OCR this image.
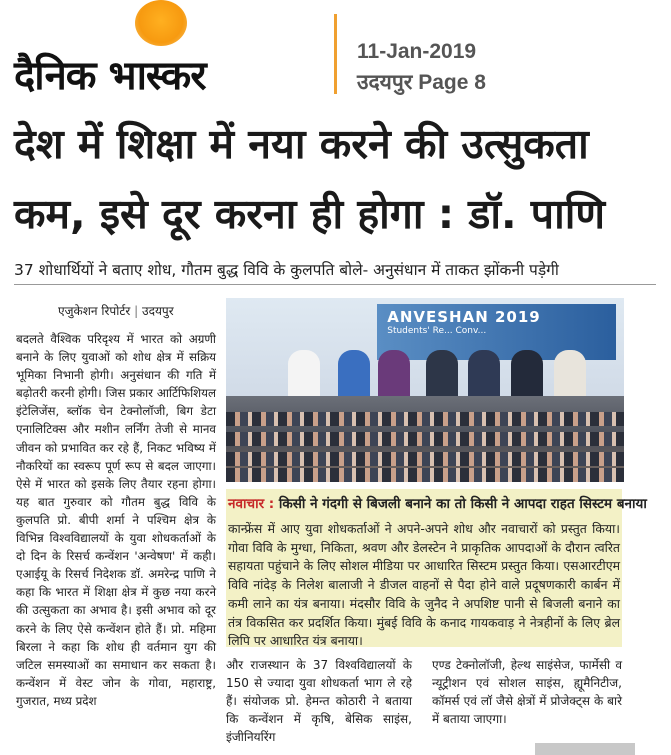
दैनिक भास्कर
11-Jan-2019
उदयपुर Page 8
देश में शिक्षा में नया करने की उत्सुकता
कम, इसे दूर करना ही होगा : डॉ. पाणि
37 शोधार्थियों ने बताए शोध, गौतम बुद्ध विवि के कुलपति बोले- अनुसंधान में ताकत झोंकनी पड़ेगी
एजुकेशन रिपोर्टर | उदयपुर

बदलते वैश्विक परिदृश्य में भारत को अग्रणी बनाने के लिए युवाओं को शोध क्षेत्र में सक्रिय भूमिका निभानी होगी। अनुसंधान की गति में बढ़ोतरी करनी होगी। जिस प्रकार आर्टिफिशियल इंटेलिजेंस, ब्लॉक चेन टेक्नोलॉजी, बिग डेटा एनालिटिक्स और मशीन लर्निंग तेजी से मानव जीवन को प्रभावित कर रहे हैं, निकट भविष्य में नौकरियों का स्वरूप पूर्ण रूप से बदल जाएगा। ऐसे में भारत को इसके लिए तैयार रहना होगा। यह बात गुरुवार को गौतम बुद्ध विवि के कुलपति प्रो. बीपी शर्मा ने पश्चिम क्षेत्र के विभिन्न विश्वविद्यालयों के युवा शोधकर्ताओं के दो दिन के रिसर्च कन्वेंशन 'अन्वेषण' में कही। एआईयू के रिसर्च निदेशक डॉ. अमरेन्द्र पाणि ने कहा कि भारत में शिक्षा क्षेत्र में कुछ नया करने की उत्सुकता का अभाव है। इसी अभाव को दूर करने के लिए ऐसे कन्वेंशन होते हैं। प्रो. महिमा बिरला ने कहा कि शोध ही वर्तमान युग की जटिल समस्याओं का समाधान कर सकता है। कन्वेंशन में वेस्ट जोन के गोवा, महाराष्ट्र, गुजरात, मध्य प्रदेश

ANVESHAN 2019
Students' Re... Conv...
नवाचार : किसी ने गंदगी से बिजली बनाने का तो किसी ने आपदा राहत सिस्टम बनाया
कान्फ्रेंस में आए युवा शोधकर्ताओं ने अपने-अपने शोध और नवाचारों को प्रस्तुत किया। गोवा विवि के मुग्धा, निकिता, श्रवण और डेलस्टेन ने प्राकृतिक आपदाओं के दौरान त्वरित सहायता पहुंचाने के लिए सोशल मीडिया पर आधारित सिस्टम प्रस्तुत किया। एसआरटीएम विवि नांदेड़ के निलेश बालाजी ने डीजल वाहनों से पैदा होने वाले प्रदूषणकारी कार्बन में कमी लाने का यंत्र बनाया। मंदसौर विवि के जुनैद ने अपशिष्ट पानी से बिजली बनाने का तंत्र विकसित कर प्रदर्शित किया। मुंबई विवि के कनाद गायकवाड़ ने नेत्रहीनों के लिए ब्रेल लिपि पर आधारित यंत्र बनाया।
और राजस्थान के 37 विश्वविद्यालयों के 150 से ज्यादा युवा शोधकर्ता भाग ले रहे हैं। संयोजक प्रो. हेमन्त कोठारी ने बताया कि कन्वेंशन में कृषि, बेसिक साइंस, इंजीनियरिंग
एण्ड टेक्नोलॉजी, हेल्थ साइंसेज, फार्मेसी व न्यूट्रीशन एवं सोशल साइंस, ह्यूमैनिटीज, कॉमर्स एवं लॉ जैसे क्षेत्रों में प्रोजेक्ट्स के बारे में बताया जाएगा।
